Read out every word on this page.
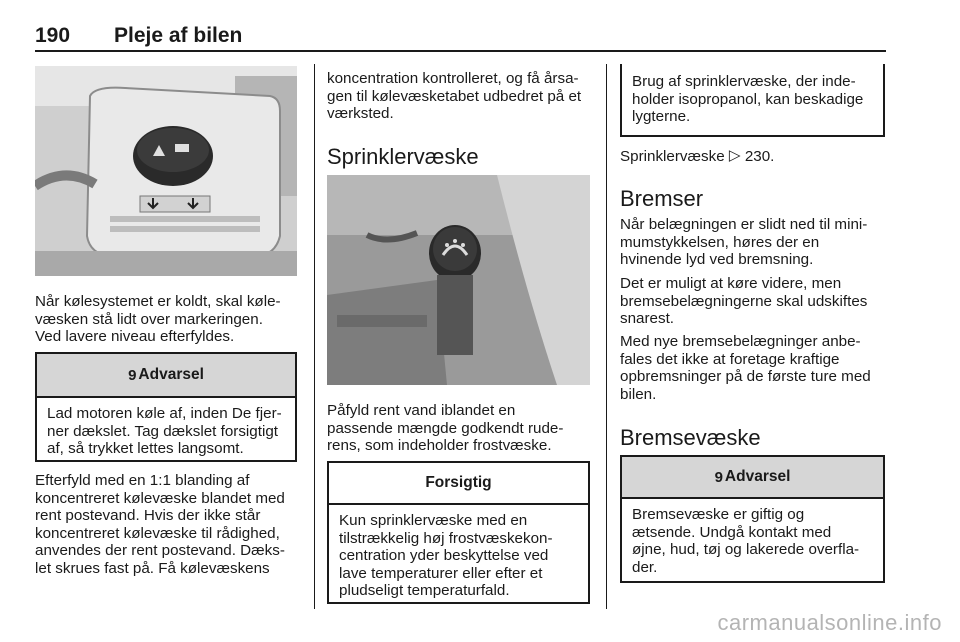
190 Pleje af bilen

Når kølesystemet er koldt, skal køle-
væsken stå lidt over markeringen.
Ved lavere niveau efterfyldes.

9 Advarsel
Lad motoren køle af, inden De fjer-
ner dækslet. Tag dækslet forsigtigt
af, så trykket lettes langsomt.

Efterfyld med en 1:1 blanding af
koncentreret kølevæske blandet med
rent postevand. Hvis der ikke står
koncentreret kølevæske til rådighed,
anvendes der rent postevand. Dæks-
let skrues fast på. Få kølevæskens

koncentration kontrolleret, og få årsa-
gen til kølevæsketabet udbedret på et
værksted.

Sprinklervæske

Påfyld rent vand iblandet en
passende mængde godkendt rude-
rens, som indeholder frostvæske.

Forsigtig
Kun sprinklervæske med en
tilstrækkelig høj frostvæskekon-
centration yder beskyttelse ved
lave temperaturer eller efter et
pludseligt temperaturfald.
Brug af sprinklervæske, der inde-
holder isopropanol, kan beskadige
lygterne.

Sprinklervæske ▷ 230.

Bremser

Når belægningen er slidt ned til mini-
mumstykkelsen, høres der en
hvinende lyd ved bremsning.

Det er muligt at køre videre, men
bremsebelægningerne skal udskiftes
snarest.

Med nye bremsebelægninger anbe-
fales det ikke at foretage kraftige
opbremsninger på de første ture med
bilen.

Bremsevæske
9 Advarsel
Bremsevæske er giftig og
ætsende. Undgå kontakt med
øjne, hud, tøj og lakerede overfla-
der.
carmanualsonline.info
